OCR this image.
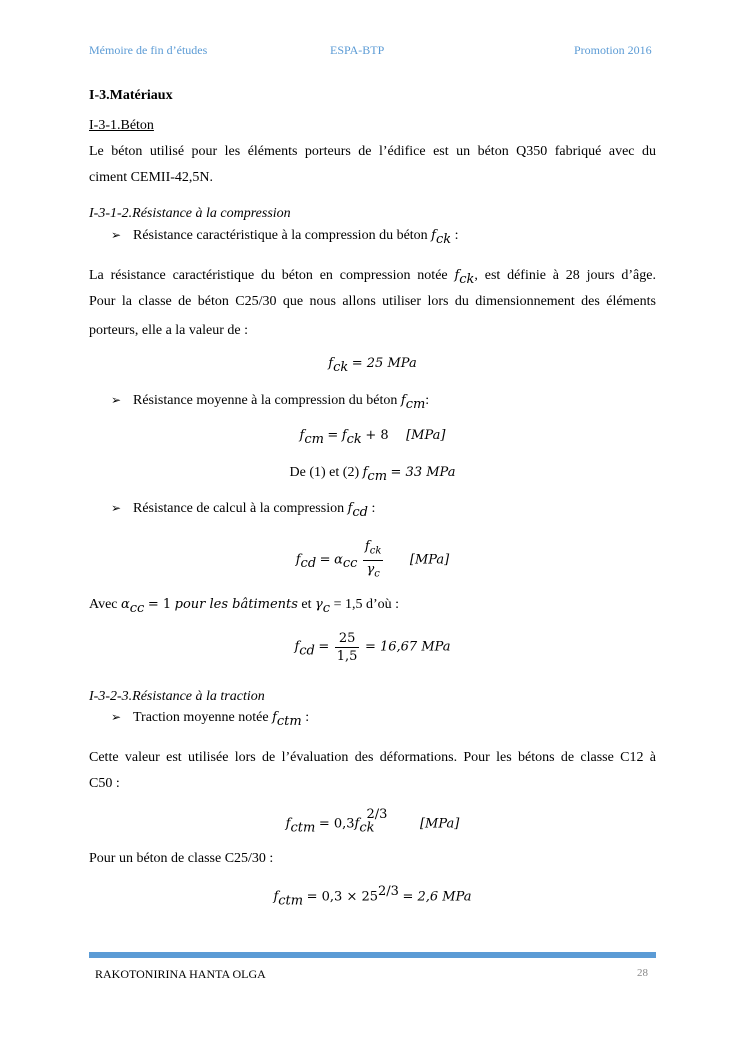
Mémoire de fin d’études	ESPA-BTP	Promotion 2016
I-3.Matériaux
I-3-1.Béton
Le béton utilisé pour les éléments porteurs de l’édifice est un béton Q350 fabriqué avec du
ciment CEMII-42,5N.
I-3-1-2.Résistance à la compression
➢ Résistance caractéristique à la compression du béton $f_{ck}$ :
La résistance caractéristique du béton en compression notée $f_{ck}$, est définie à 28 jours d’âge.
Pour la classe de béton C25/30 que nous allons utiliser lors du dimensionnement des éléments
porteurs, elle a la valeur de :
$f_{ck} = 25$ MPa
➢ Résistance moyenne à la compression du béton $f_{cm}$:
$f_{cm} = f_{ck} + 8$ [MPa]
De (1) et (2) $f_{cm} = 33$ MPa
➢ Résistance de calcul à la compression $f_{cd}$ :
$f_{cd} = \alpha_{cc} \frac{f_{ck}}{\gamma_c} [MPa]$
Avec $\alpha_{cc} = 1$ pour les bâtiments et $\gamma_c = 1,5$ d’où :
$f_{cd} = \frac{25}{1,5} = 16,67$ MPa
I-3-2-3.Résistance à la traction
➢ Traction moyenne notée $f_{ctm}$ :
Cette valeur est utilisée lors de l’évaluation des déformations. Pour les bétons de classe C12 à
C50 :
$f_{ctm} = 0,3f_{ck}^{2/3}$       [MPa]
Pour un béton de classe C25/30 :
$f_{ctm} = 0,3 \times 25^{2/3} = 2,6$ MPa
RAKOTONIRINA HANTA OLGA	28
